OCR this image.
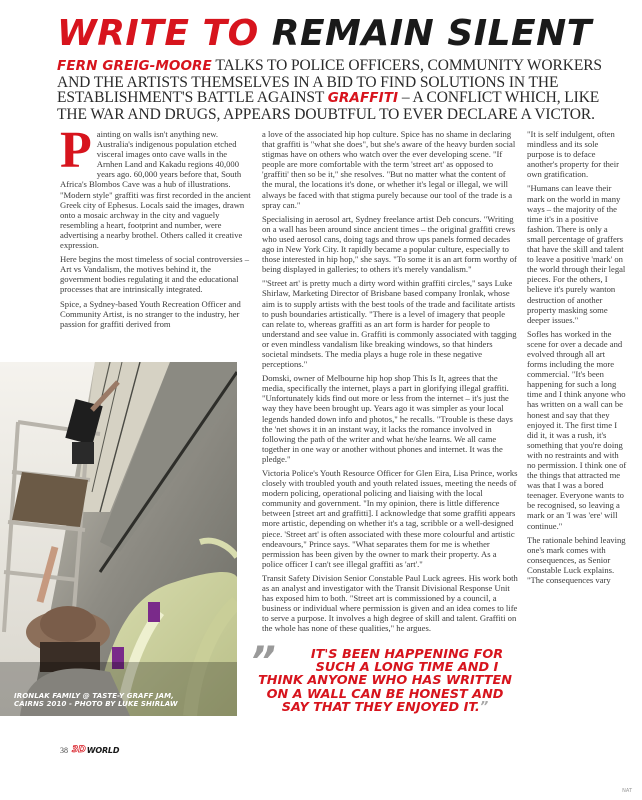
WRITE TO REMAIN SILENT
FERN GREIG-MOORE TALKS TO POLICE OFFICERS, COMMUNITY WORKERS AND THE ARTISTS THEMSELVES IN A BID TO FIND SOLUTIONS IN THE ESTABLISHMENT'S BATTLE AGAINST GRAFFITI – A CONFLICT WHICH, LIKE THE WAR AND DRUGS, APPEARS DOUBTFUL TO EVER DECLARE A VICTOR.

Painting on walls isn't anything new. Australia's indigenous population etched visceral images onto cave walls in the Arnhen Land and Kakadu regions 40,000 years ago. 60,000 years before that, South Africa's Blombos Cave was a hub of illustrations. "Modern style" graffiti was first recorded in the ancient Greek city of Ephesus. Locals said the images, drawn onto a mosaic archway in the city and vaguely resembling a heart, footprint and number, were advertising a nearby brothel. Others called it creative expression.

Here begins the most timeless of social controversies – Art vs Vandalism, the motives behind it, the government bodies regulating it and the educational processes that are intrinsically integrated.

Spice, a Sydney-based Youth Recreation Officer and Community Artist, is no stranger to the industry, her passion for graffiti derived from

IRONLAK FAMILY @ TASTE-Y GRAFF JAM,
CAIRNS 2010 - PHOTO BY LUKE SHIRLAW

a love of the associated hip hop culture. Spice has no shame in declaring that graffiti is "what she does", but she's aware of the heavy burden social stigmas have on others who watch over the ever developing scene. "If people are more comfortable with the term 'street art' as opposed to 'graffiti' then so be it," she resolves. "But no matter what the content of the mural, the locations it's done, or whether it's legal or illegal, we will always be faced with that stigma purely because our tool of the trade is a spray can."

Specialising in aerosol art, Sydney freelance artist Deb concurs. "Writing on a wall has been around since ancient times – the original graffiti crews who used aerosol cans, doing tags and throw ups panels formed decades ago in New York City. It rapidly became a popular culture, especially to those interested in hip hop," she says. "To some it is an art form worthy of being displayed in galleries; to others it's merely vandalism."

"'Street art' is pretty much a dirty word within graffiti circles," says Luke Shirlaw, Marketing Director of Brisbane based company Ironlak, whose aim is to supply artists with the best tools of the trade and facilitate artists to push boundaries artistically. "There is a level of imagery that people can relate to, whereas graffiti as an art form is harder for people to understand and see value in. Graffiti is commonly associated with tagging or even mindless vandalism like breaking windows, so that hinders societal mindsets. The media plays a huge role in these negative perceptions."

Domski, owner of Melbourne hip hop shop This Is It, agrees that the media, specifically the internet, plays a part in glorifying illegal graffiti. "Unfortunately kids find out more or less from the internet – it's just the way they have been brought up. Years ago it was simpler as your local legends handed down info and photos," he recalls. "Trouble is these days the 'net shows it in an instant way, it lacks the romance involved in following the path of the writer and what he/she learns. We all came together in one way or another without phones and internet. It was the pledge."

Victoria Police's Youth Resource Officer for Glen Eira, Lisa Prince, works closely with troubled youth and youth related issues, meeting the needs of modern policing, operational policing and liaising with the local community and government. "In my opinion, there is little difference between [street art and graffitti]. I acknowledge that some graffiti appears more artistic, depending on whether it's a tag, scribble or a well-designed piece. 'Street art' is often associated with these more colourful and artistic endeavours," Prince says. "What separates them for me is whether permission has been given by the owner to mark their property. As a police officer I can't see illegal graffiti as 'art'."

Transit Safety Division Senior Constable Paul Luck agrees. His work both as an analyst and investigator with the Transit Divisional Response Unit has exposed him to both. "Street art is commissioned by a council, a business or individual where permission is given and an idea comes to life to serve a purpose. It involves a high degree of skill and talent. Graffiti on the whole has none of these qualities," he argues.

”	IT'S BEEN HAPPENING FOR
SUCH A LONG TIME AND I
THINK ANYONE WHO HAS WRITTEN
ON A WALL CAN BE HONEST AND
SAY THAT THEY ENJOYED IT.”

"It is self indulgent, often mindless and its sole purpose is to deface another's property for their own gratification.

"Humans can leave their mark on the world in many ways – the majority of the time it's in a positive fashion. There is only a small percentage of graffers that have the skill and talent to leave a positive 'mark' on the world through their legal pieces. For the others, I believe it's purely wanton destruction of another property masking some deeper issues."

Sofles has worked in the scene for over a decade and evolved through all art forms including the more commercial. "It's been happening for such a long time and I think anyone who has written on a wall can be honest and say that they enjoyed it. The first time I did it, it was a rush, it's something that you're doing with no restraints and with no permission. I think one of the things that attracted me was that I was a bored teenager. Everyone wants to be recognised, so leaving a mark or an 'I was 'ere' will continue."

The rationale behind leaving one's mark comes with consequences, as Senior Constable Luck explains. "The consequences vary

38 3D WORLD
NAT
